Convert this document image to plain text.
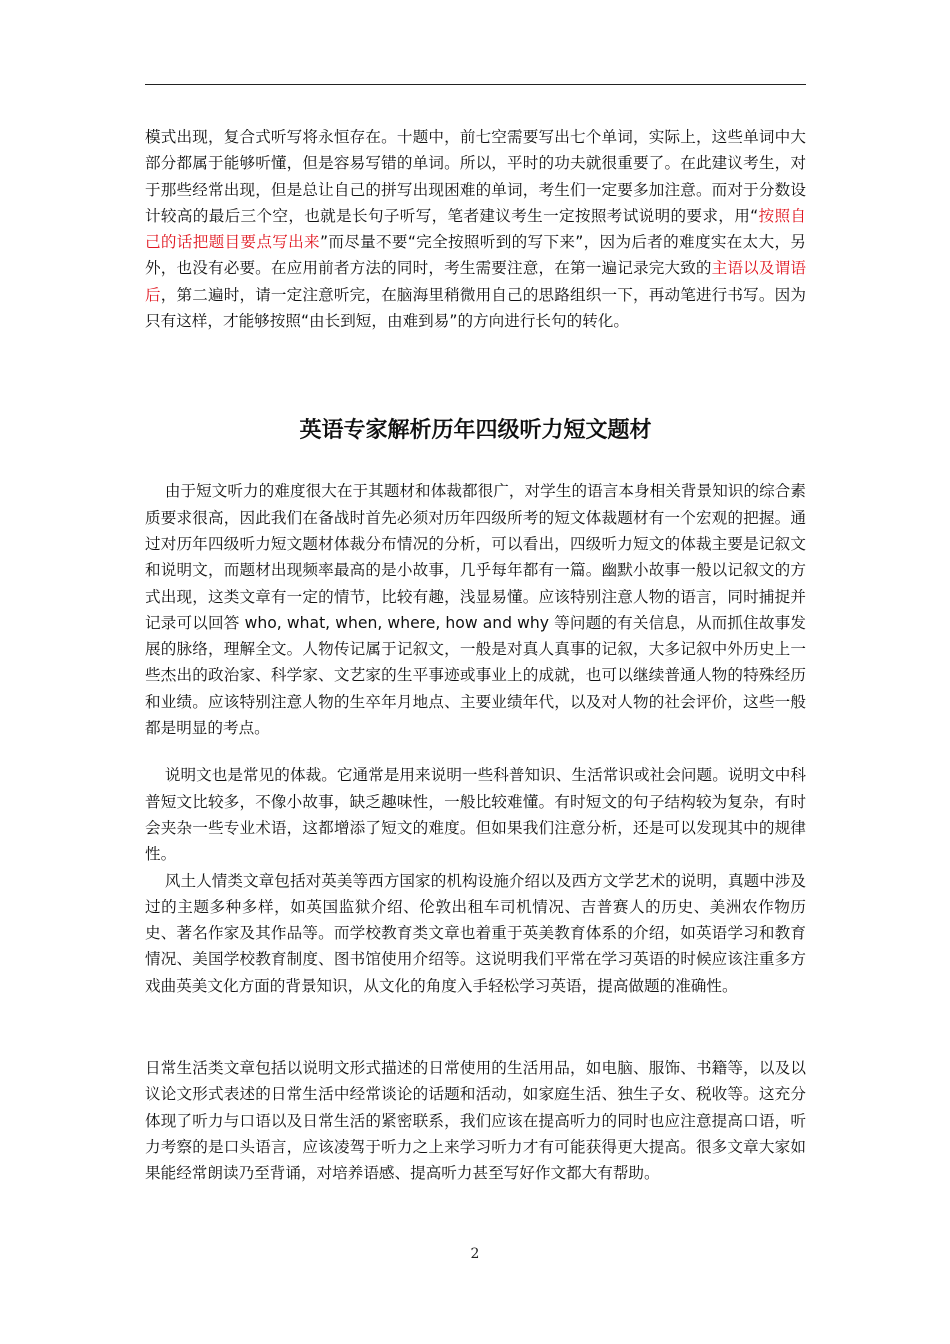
模式出现，复合式听写将永恒存在。十题中，前七空需要写出七个单词，实际上，这些单词中大部分都属于能够听懂，但是容易写错的单词。所以，平时的功夫就很重要了。在此建议考生，对于那些经常出现，但是总让自己的拼写出现困难的单词，考生们一定要多加注意。而对于分数设计较高的最后三个空，也就是长句子听写，笔者建议考生一定按照考试说明的要求，用“按照自己的话把题目要点写出来”而尽量不要“完全按照听到的写下来”，因为后者的难度实在太大，另外，也没有必要。在应用前者方法的同时，考生需要注意，在第一遍记录完大致的主语以及谓语后，第二遍时，请一定注意听完，在脑海里稍微用自己的思路组织一下，再动笔进行书写。因为只有这样，才能够按照“由长到短，由难到易”的方向进行长句的转化。

英语专家解析历年四级听力短文题材

由于短文听力的难度很大在于其题材和体裁都很广，对学生的语言本身相关背景知识的综合素质要求很高，因此我们在备战时首先必须对历年四级所考的短文体裁题材有一个宏观的把握。通过对历年四级听力短文题材体裁分布情况的分析，可以看出，四级听力短文的体裁主要是记叙文和说明文，而题材出现频率最高的是小故事，几乎每年都有一篇。幽默小故事一般以记叙文的方式出现，这类文章有一定的情节，比较有趣，浅显易懂。应该特别注意人物的语言，同时捕捉并记录可以回答 who, what, when, where, how and why 等问题的有关信息，从而抓住故事发展的脉络，理解全文。人物传记属于记叙文，一般是对真人真事的记叙，大多记叙中外历史上一些杰出的政治家、科学家、文艺家的生平事迹或事业上的成就，也可以继续普通人物的特殊经历和业绩。应该特别注意人物的生卒年月地点、主要业绩年代，以及对人物的社会评价，这些一般都是明显的考点。

说明文也是常见的体裁。它通常是用来说明一些科普知识、生活常识或社会问题。说明文中科普短文比较多，不像小故事，缺乏趣味性，一般比较难懂。有时短文的句子结构较为复杂，有时会夹杂一些专业术语，这都增添了短文的难度。但如果我们注意分析，还是可以发现其中的规律性。

风土人情类文章包括对英美等西方国家的机构设施介绍以及西方文学艺术的说明，真题中涉及过的主题多种多样，如英国监狱介绍、伦敦出租车司机情况、吉普赛人的历史、美洲农作物历史、著名作家及其作品等。而学校教育类文章也着重于英美教育体系的介绍，如英语学习和教育情况、美国学校教育制度、图书馆使用介绍等。这说明我们平常在学习英语的时候应该注重多方戏曲英美文化方面的背景知识，从文化的角度入手轻松学习英语，提高做题的准确性。

日常生活类文章包括以说明文形式描述的日常使用的生活用品，如电脑、服饰、书籍等，以及以议论文形式表述的日常生活中经常谈论的话题和活动，如家庭生活、独生子女、税收等。这充分体现了听力与口语以及日常生活的紧密联系，我们应该在提高听力的同时也应注意提高口语，听力考察的是口头语言，应该凌驾于听力之上来学习听力才有可能获得更大提高。很多文章大家如果能经常朗读乃至背诵，对培养语感、提高听力甚至写好作文都大有帮助。

2
